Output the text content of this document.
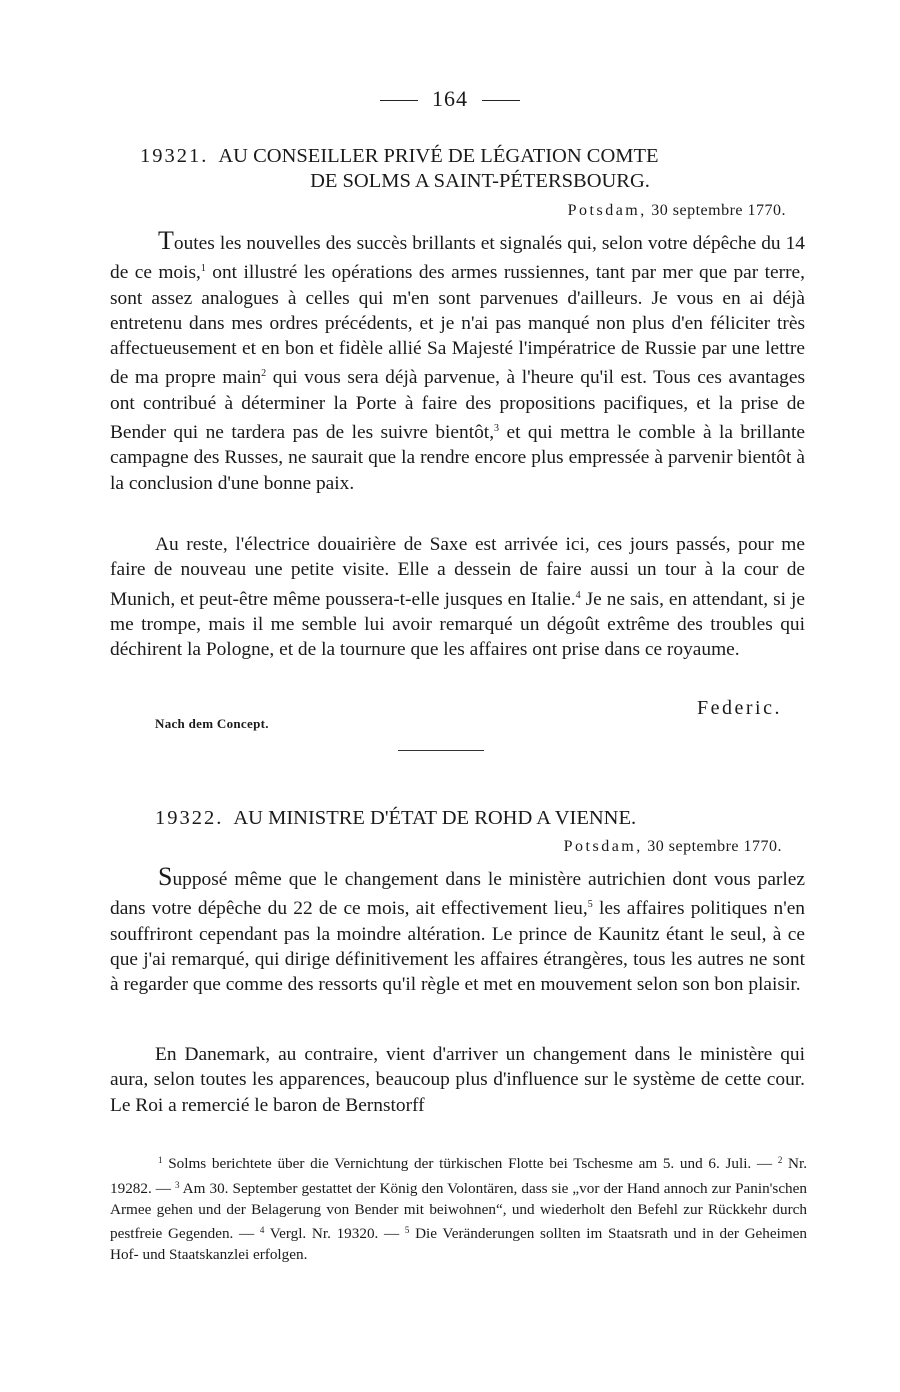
164
19321. AU CONSEILLER PRIVÉ DE LÉGATION COMTE
DE SOLMS A SAINT-PÉTERSBOURG.
Potsdam, 30 septembre 1770.

Toutes les nouvelles des succès brillants et signalés qui, selon votre dépêche du 14 de ce mois,$^1$ ont illustré les opérations des armes russiennes, tant par mer que par terre, sont assez analogues à celles qui m'en sont parvenues d'ailleurs. Je vous en ai déjà entretenu dans mes ordres précédents, et je n'ai pas manqué non plus d'en féliciter très affectueusement et en bon et fidèle allié Sa Majesté l'impératrice de Russie par une lettre de ma propre main$^2$ qui vous sera déjà parvenue, à l'heure qu'il est. Tous ces avantages ont contribué à déterminer la Porte à faire des propositions pacifiques, et la prise de Bender qui ne tardera pas de les suivre bientôt,$^3$ et qui mettra le comble à la brillante campagne des Russes, ne saurait que la rendre encore plus empressée à parvenir bientôt à la conclusion d'une bonne paix.

Au reste, l'électrice douairière de Saxe est arrivée ici, ces jours passés, pour me faire de nouveau une petite visite. Elle a dessein de faire aussi un tour à la cour de Munich, et peut-être même poussera-t-elle jusques en Italie.$^4$ Je ne sais, en attendant, si je me trompe, mais il me semble lui avoir remarqué un dégoût extrême des troubles qui déchirent la Pologne, et de la tournure que les affaires ont prise dans ce royaume.

Federic.
Nach dem Concept.
19322. AU MINISTRE D'ÉTAT DE ROHD A VIENNE.
Potsdam, 30 septembre 1770.

Supposé même que le changement dans le ministère autrichien dont vous parlez dans votre dépêche du 22 de ce mois, ait effectivement lieu,$^5$ les affaires politiques n'en souffriront cependant pas la moindre altération. Le prince de Kaunitz étant le seul, à ce que j'ai remarqué, qui dirige définitivement les affaires étrangères, tous les autres ne sont à regarder que comme des ressorts qu'il règle et met en mouvement selon son bon plaisir.

En Danemark, au contraire, vient d'arriver un changement dans le ministère qui aura, selon toutes les apparences, beaucoup plus d'influence sur le système de cette cour. Le Roi a remercié le baron de Bernstorff

$^1$ Solms berichtete über die Vernichtung der türkischen Flotte bei Tschesme am 5. und 6. Juli. — $^2$ Nr. 19282. — $^3$ Am 30. September gestattet der König den Volontären, dass sie „vor der Hand annoch zur Panin'schen Armee gehen und der Belagerung von Bender mit beiwohnen“, und wiederholt den Befehl zur Rückkehr durch pestfreie Gegenden. — $^4$ Vergl. Nr. 19320. — $^5$ Die Veränderungen sollten im Staatsrath und in der Geheimen Hof- und Staatskanzlei erfolgen.
